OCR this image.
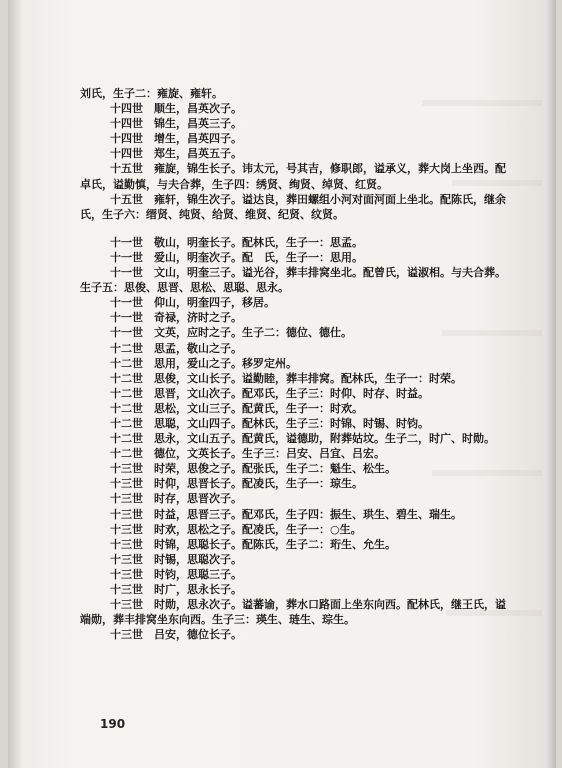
刘氏，生子二：雍旋、雍轩。
十四世　顺生，昌英次子。
十四世　锦生，昌英三子。
十四世　增生，昌英四子。
十四世　郑生，昌英五子。
十五世　雍旋，锦生长子。讳太元，号其吉，修职郎，谥承义，葬大岗上坐西。配
卓氏，谥勤慎，与夫合葬，生子四：绣贤、绚贤、绰贤、红贤。
十五世　雍轩，锦生次子。谥达良，葬田螺组小河对面河面上坐北。配陈氏，继余
氏，生子六：缙贤、纯贤、给贤、维贤、纪贤、纹贤。
十一世　敬山，明奎长子。配林氏，生子一：思孟。
十一世　爱山，明奎次子。配　氏，生子一：思用。
十一世　文山，明奎三子。谥光谷，葬丰排窝坐北。配曾氏，谥淑相。与夫合葬。
生子五：思俊、思晋、思松、思聪、思永。
十一世　仰山，明奎四子，移居。
十一世　奇禄，济时之子。
十一世　文英，应时之子。生子二：德位、德仕。
十二世　思孟，敬山之子。
十二世　思用，爱山之子。移罗定州。
十二世　思俊，文山长子。谥勤睦，葬丰排窝。配林氏，生子一：时荣。
十二世　思晋，文山次子。配邓氏，生子三：时仰、时存、时益。
十二世　思松，文山三子。配黄氏，生子一：时欢。
十二世　思聪，文山四子。配林氏，生子三：时锦、时锡、时钧。
十二世　思永，文山五子。配黄氏，谥德助，附葬姑坟。生子二，时广、时勋。
十二世　德位，文英长子。生子三：吕安、吕宜、吕宏。
十三世　时荣，思俊之子。配张氏，生子二：魁生、松生。
十三世　时仰，思晋长子。配凌氏，生子一：琼生。
十三世　时存，思晋次子。
十三世　时益，思晋三子。配邓氏，生子四：振生、珙生、碧生、瑞生。
十三世　时欢，思松之子。配凌氏，生子一：○生。
十三世　时锦，思聪长子。配陈氏，生子二：珩生、允生。
十三世　时锡，思聪次子。
十三世　时钧，思聪三子。
十三世　时广，思永长子。
十三世　时勋，思永次子。谥蕃谕，葬水口路面上坐东向西。配林氏，继王氏，谥
端勋，葬丰排窝坐东向西。生子三：瑛生、琏生、琮生。
十三世　吕安，德位长子。
190
